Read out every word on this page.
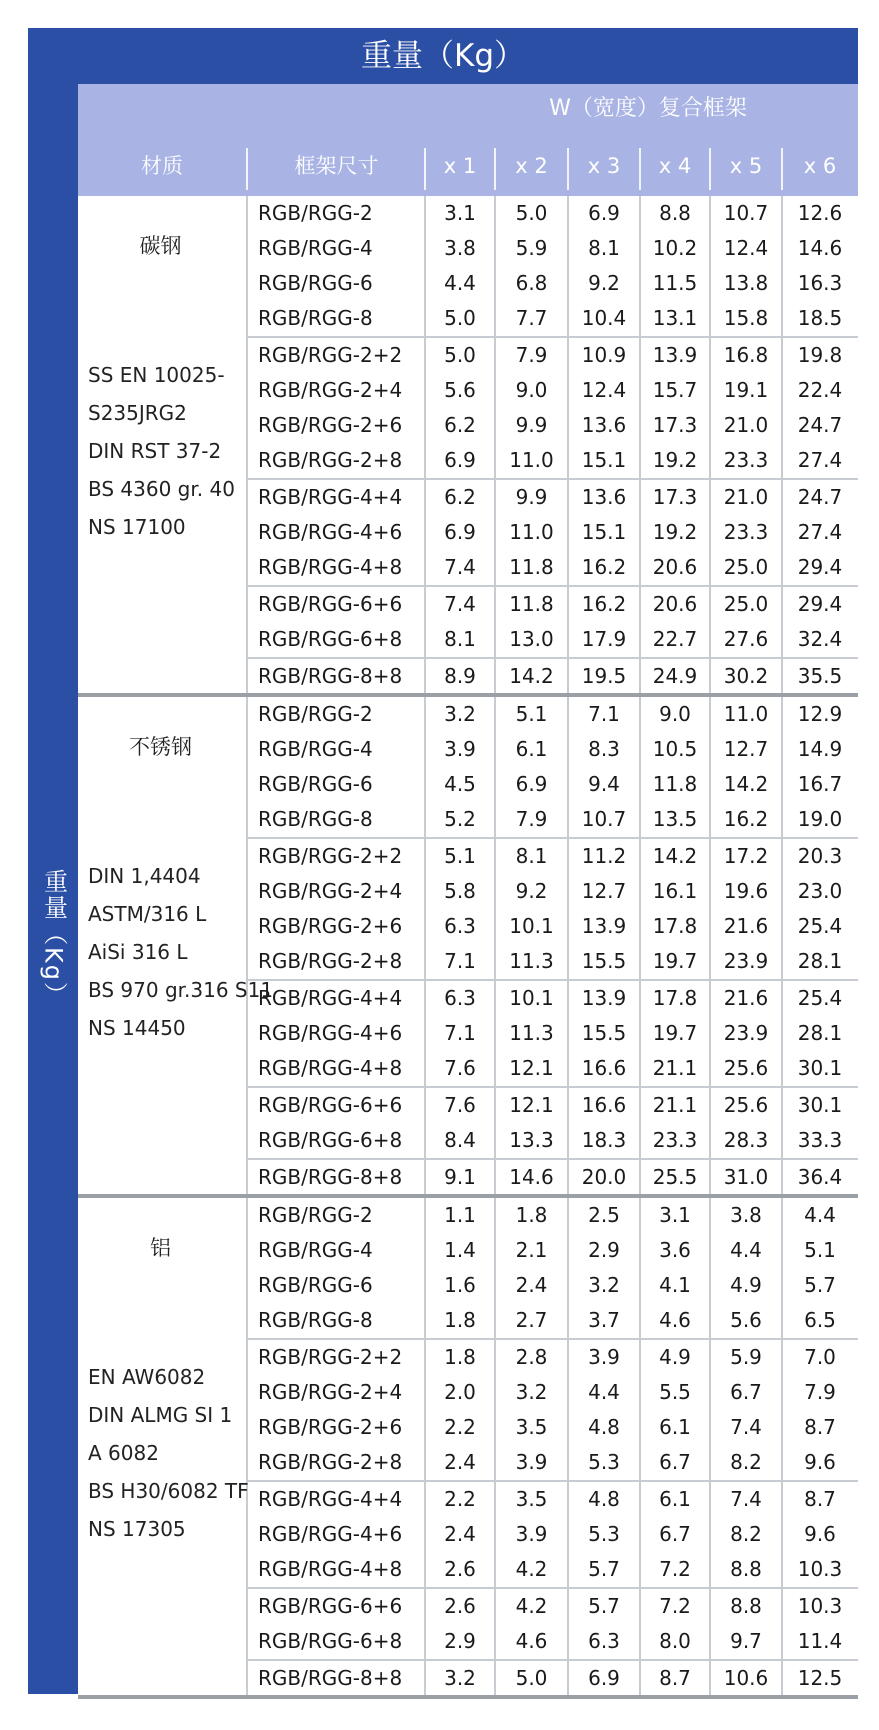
重量（Kg）
重量（Kg）
W（宽度）复合框架
材质	框架尺寸	x 1	x 2	x 3	x 4	x 5	x 6
碳钢
SS EN 10025-
S235JRG2
DIN RST 37-2
BS 4360 gr. 40
NS 17100
RGB/RGG-2	3.1	5.0	6.9	8.8	10.7	12.6
RGB/RGG-4	3.8	5.9	8.1	10.2	12.4	14.6
RGB/RGG-6	4.4	6.8	9.2	11.5	13.8	16.3
RGB/RGG-8	5.0	7.7	10.4	13.1	15.8	18.5
RGB/RGG-2+2	5.0	7.9	10.9	13.9	16.8	19.8
RGB/RGG-2+4	5.6	9.0	12.4	15.7	19.1	22.4
RGB/RGG-2+6	6.2	9.9	13.6	17.3	21.0	24.7
RGB/RGG-2+8	6.9	11.0	15.1	19.2	23.3	27.4
RGB/RGG-4+4	6.2	9.9	13.6	17.3	21.0	24.7
RGB/RGG-4+6	6.9	11.0	15.1	19.2	23.3	27.4
RGB/RGG-4+8	7.4	11.8	16.2	20.6	25.0	29.4
RGB/RGG-6+6	7.4	11.8	16.2	20.6	25.0	29.4
RGB/RGG-6+8	8.1	13.0	17.9	22.7	27.6	32.4
RGB/RGG-8+8	8.9	14.2	19.5	24.9	30.2	35.5
不锈钢
DIN 1,4404
ASTM/316 L
AiSi 316 L
BS 970 gr.316 S11
NS 14450
RGB/RGG-2	3.2	5.1	7.1	9.0	11.0	12.9
RGB/RGG-4	3.9	6.1	8.3	10.5	12.7	14.9
RGB/RGG-6	4.5	6.9	9.4	11.8	14.2	16.7
RGB/RGG-8	5.2	7.9	10.7	13.5	16.2	19.0
RGB/RGG-2+2	5.1	8.1	11.2	14.2	17.2	20.3
RGB/RGG-2+4	5.8	9.2	12.7	16.1	19.6	23.0
RGB/RGG-2+6	6.3	10.1	13.9	17.8	21.6	25.4
RGB/RGG-2+8	7.1	11.3	15.5	19.7	23.9	28.1
RGB/RGG-4+4	6.3	10.1	13.9	17.8	21.6	25.4
RGB/RGG-4+6	7.1	11.3	15.5	19.7	23.9	28.1
RGB/RGG-4+8	7.6	12.1	16.6	21.1	25.6	30.1
RGB/RGG-6+6	7.6	12.1	16.6	21.1	25.6	30.1
RGB/RGG-6+8	8.4	13.3	18.3	23.3	28.3	33.3
RGB/RGG-8+8	9.1	14.6	20.0	25.5	31.0	36.4
铝
EN AW6082
DIN ALMG SI 1
A 6082
BS H30/6082 TF
NS 17305
RGB/RGG-2	1.1	1.8	2.5	3.1	3.8	4.4
RGB/RGG-4	1.4	2.1	2.9	3.6	4.4	5.1
RGB/RGG-6	1.6	2.4	3.2	4.1	4.9	5.7
RGB/RGG-8	1.8	2.7	3.7	4.6	5.6	6.5
RGB/RGG-2+2	1.8	2.8	3.9	4.9	5.9	7.0
RGB/RGG-2+4	2.0	3.2	4.4	5.5	6.7	7.9
RGB/RGG-2+6	2.2	3.5	4.8	6.1	7.4	8.7
RGB/RGG-2+8	2.4	3.9	5.3	6.7	8.2	9.6
RGB/RGG-4+4	2.2	3.5	4.8	6.1	7.4	8.7
RGB/RGG-4+6	2.4	3.9	5.3	6.7	8.2	9.6
RGB/RGG-4+8	2.6	4.2	5.7	7.2	8.8	10.3
RGB/RGG-6+6	2.6	4.2	5.7	7.2	8.8	10.3
RGB/RGG-6+8	2.9	4.6	6.3	8.0	9.7	11.4
RGB/RGG-8+8	3.2	5.0	6.9	8.7	10.6	12.5
